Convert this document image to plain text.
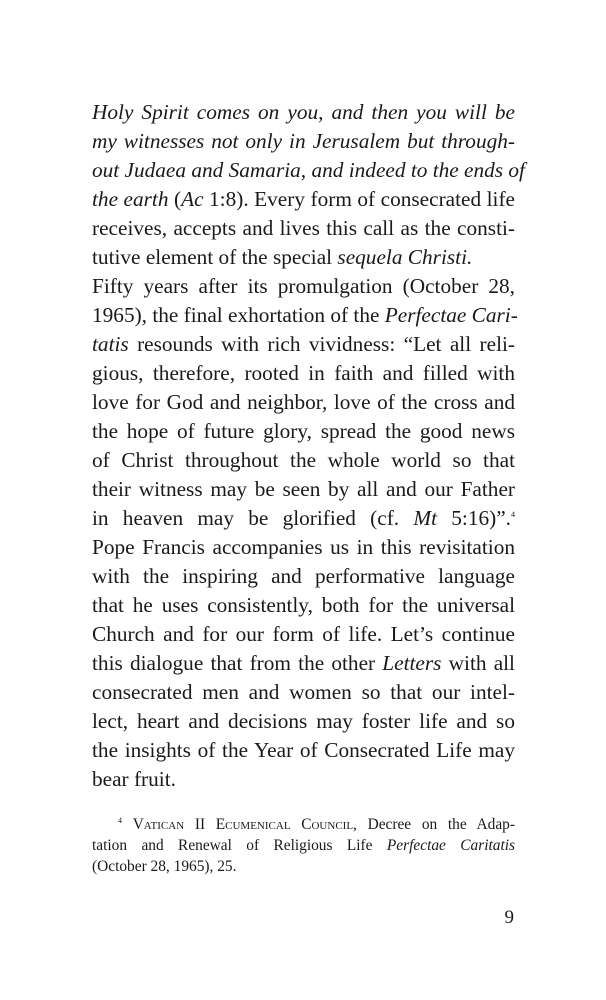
Holy Spirit comes on you, and then you will be
my witnesses not only in Jerusalem but through-
out Judaea and Samaria, and indeed to the ends of
the earth (Ac 1:8). Every form of consecrated life
receives, accepts and lives this call as the consti-
tutive element of the special sequela Christi.
Fifty years after its promulgation (October 28,
1965), the final exhortation of the Perfectae Cari-
tatis resounds with rich vividness: “Let all reli-
gious, therefore, rooted in faith and filled with
love for God and neighbor, love of the cross and
the hope of future glory, spread the good news
of Christ throughout the whole world so that
their witness may be seen by all and our Father
in heaven may be glorified (cf. Mt 5:16)”.$^4$
Pope Francis accompanies us in this revisitation
with the inspiring and performative language
that he uses consistently, both for the universal
Church and for our form of life. Let’s continue
this dialogue that from the other Letters with all
consecrated men and women so that our intel-
lect, heart and decisions may foster life and so
the insights of the Year of Consecrated Life may
bear fruit.
$^4$ Vatican II Ecumenical Council, Decree on the Adap-
tation and Renewal of Religious Life Perfectae Caritatis
(October 28, 1965), 25.
9
